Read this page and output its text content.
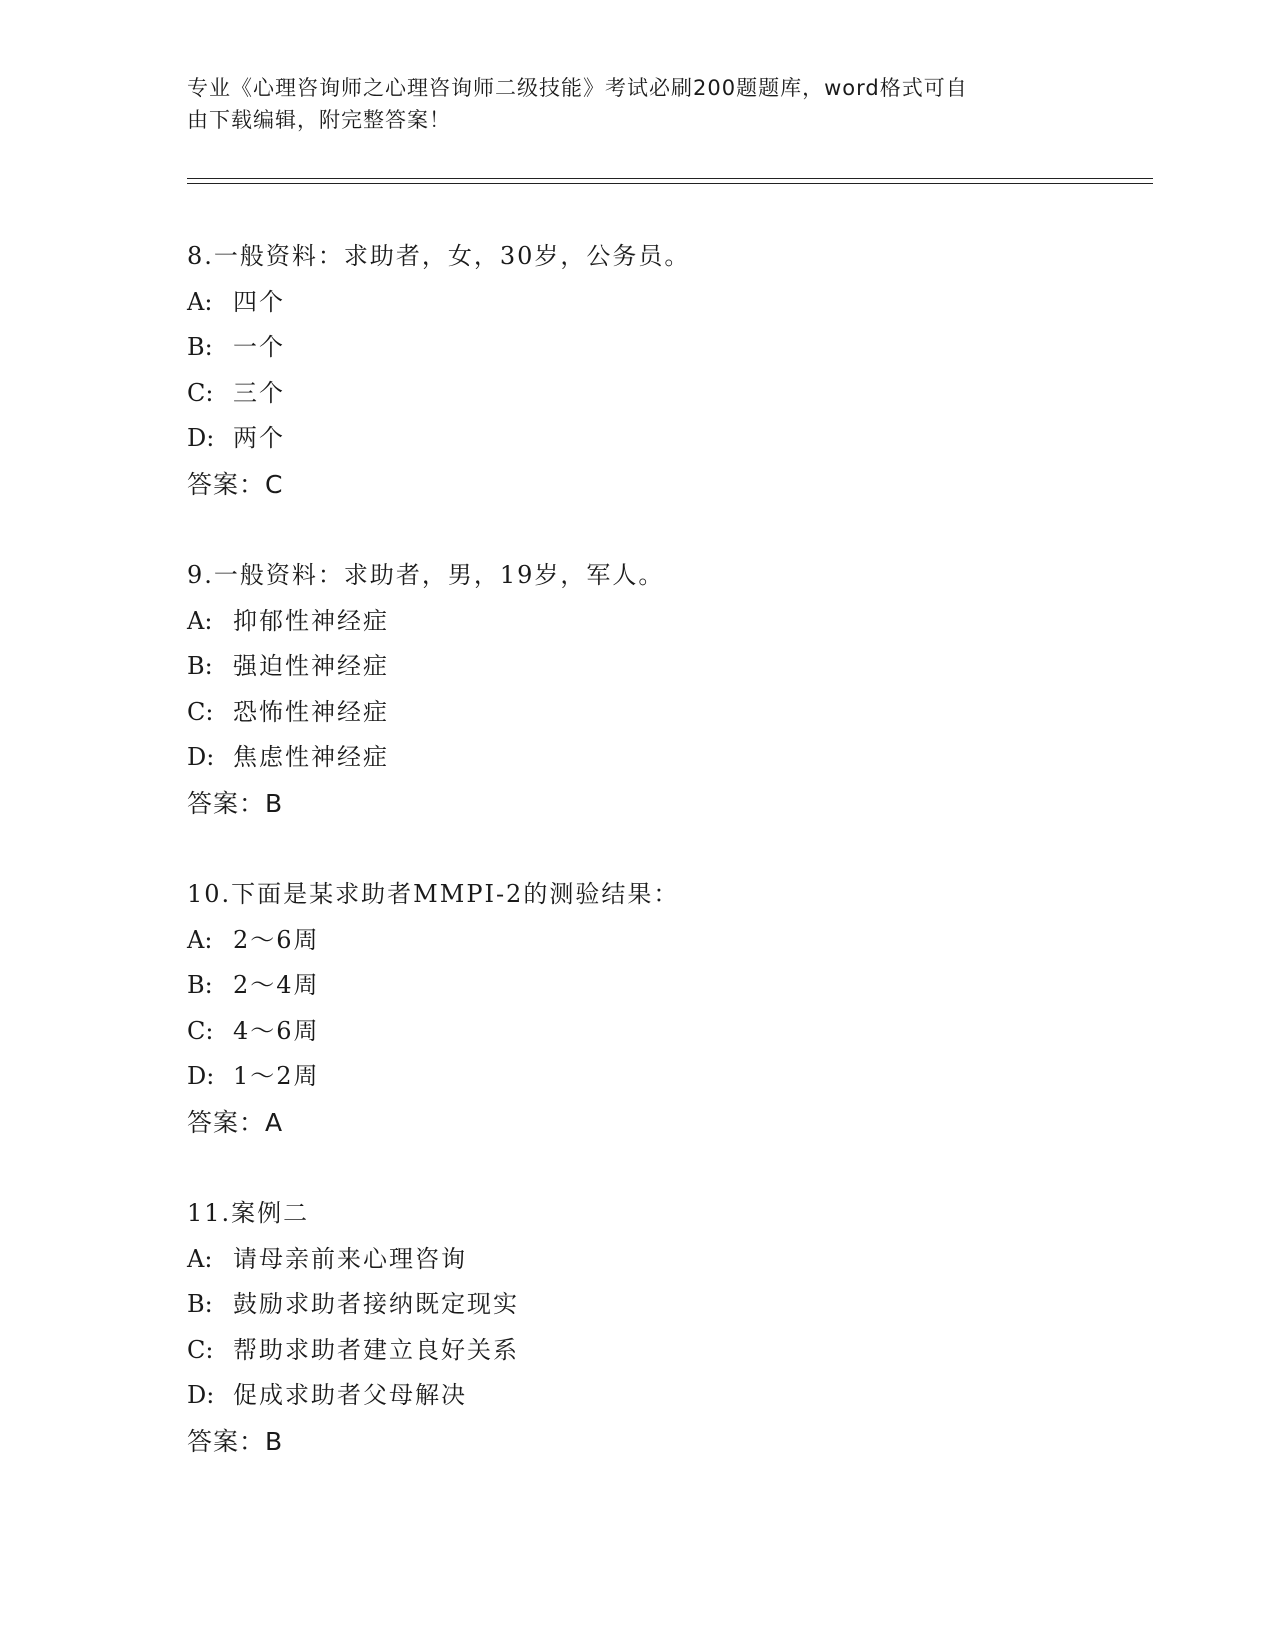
专业《心理咨询师之心理咨询师二级技能》考试必刷200题题库，word格式可自
由下载编辑，附完整答案！
8.一般资料：求助者，女，30岁，公务员。
A: 四个
B: 一个
C: 三个
D: 两个
答案：C
9.一般资料：求助者，男，19岁，军人。
A: 抑郁性神经症
B: 强迫性神经症
C: 恐怖性神经症
D: 焦虑性神经症
答案：B
10.下面是某求助者MMPI-2的测验结果：
A: 2～6周
B: 2～4周
C: 4～6周
D: 1～2周
答案：A
11.案例二
A: 请母亲前来心理咨询
B: 鼓励求助者接纳既定现实
C: 帮助求助者建立良好关系
D: 促成求助者父母解决
答案：B
